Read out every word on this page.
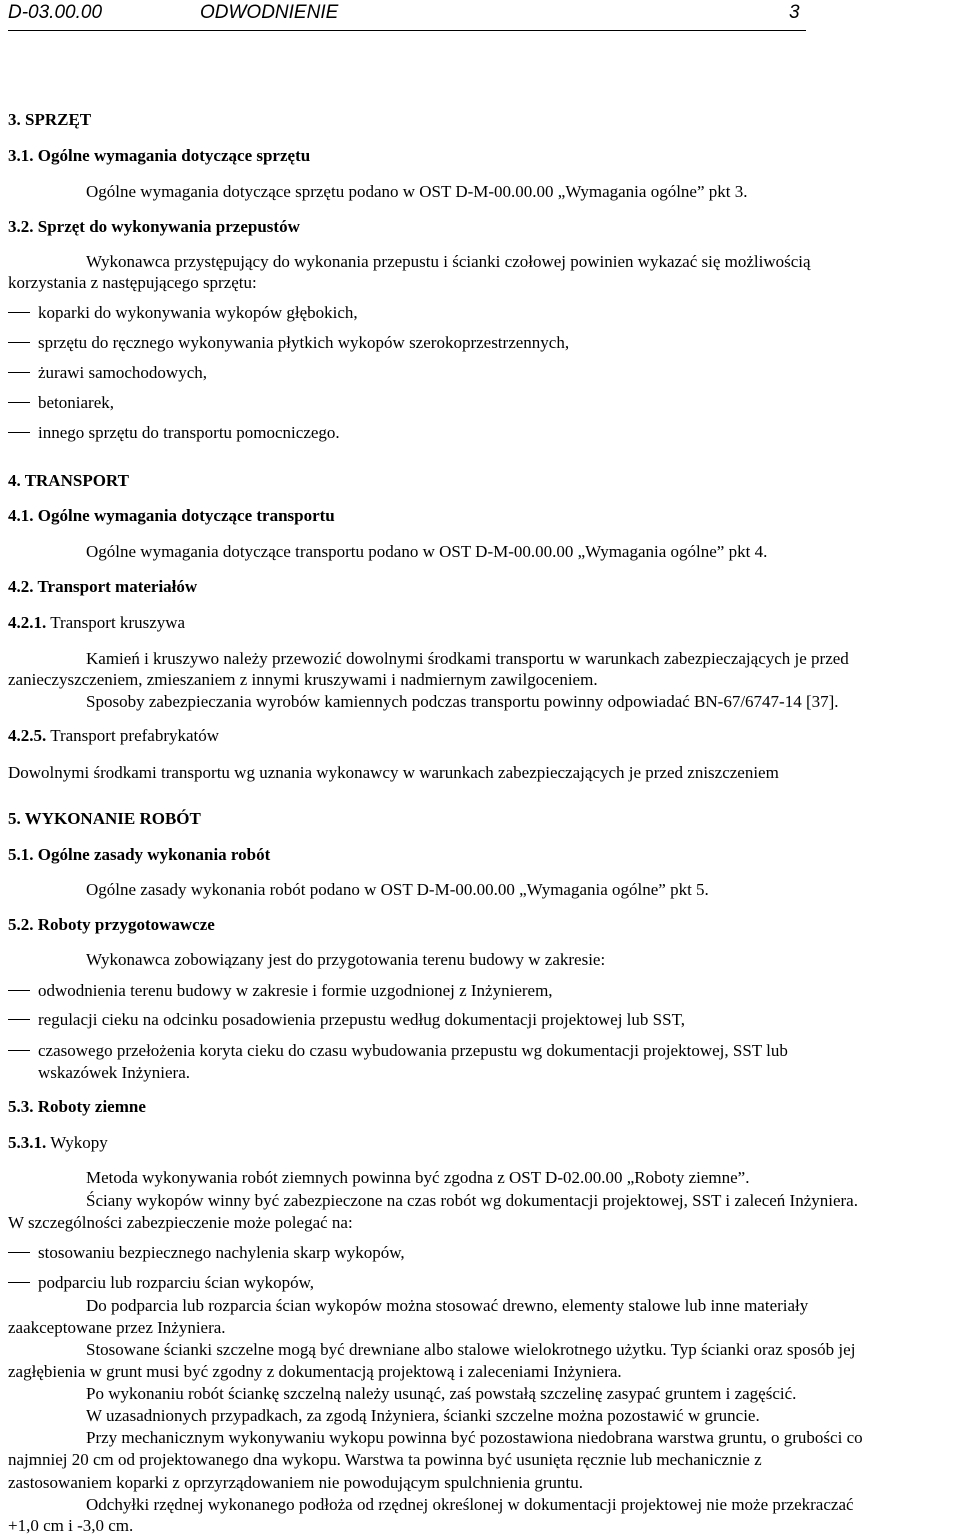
D-03.00.00	ODWODNIENIE	3
3. SPRZĘT
3.1. Ogólne wymagania dotyczące sprzętu
Ogólne wymagania dotyczące sprzętu podano w OST D-M-00.00.00 „Wymagania ogólne” pkt 3.
3.2. Sprzęt do wykonywania przepustów
Wykonawca przystępujący do wykonania przepustu i ścianki czołowej powinien wykazać się możliwością
korzystania z następującego sprzętu:
koparki do wykonywania wykopów głębokich,
sprzętu do ręcznego wykonywania płytkich wykopów szerokoprzestrzennych,
żurawi samochodowych,
betoniarek,
innego sprzętu do transportu pomocniczego.
4. TRANSPORT
4.1. Ogólne wymagania dotyczące transportu
Ogólne wymagania dotyczące transportu podano w OST D-M-00.00.00 „Wymagania ogólne” pkt 4.
4.2. Transport materiałów
4.2.1. Transport kruszywa
Kamień i kruszywo należy przewozić dowolnymi środkami transportu w warunkach zabezpieczających je przed
zanieczyszczeniem, zmieszaniem z innymi kruszywami i nadmiernym zawilgoceniem.
Sposoby zabezpieczania wyrobów kamiennych podczas transportu powinny odpowiadać BN-67/6747-14 [37].
4.2.5. Transport prefabrykatów
Dowolnymi środkami transportu wg uznania wykonawcy w warunkach zabezpieczających je przed zniszczeniem
5. WYKONANIE ROBÓT
5.1. Ogólne zasady wykonania robót
Ogólne zasady wykonania robót podano w OST D-M-00.00.00 „Wymagania ogólne” pkt 5.
5.2. Roboty przygotowawcze
Wykonawca zobowiązany jest do przygotowania terenu budowy w zakresie:
odwodnienia terenu budowy w zakresie i formie uzgodnionej z Inżynierem,
regulacji cieku na odcinku posadowienia przepustu według dokumentacji projektowej lub SST,
czasowego przełożenia koryta cieku do czasu wybudowania przepustu wg dokumentacji projektowej, SST lub
wskazówek Inżyniera.
5.3. Roboty ziemne
5.3.1. Wykopy
Metoda wykonywania robót ziemnych powinna być zgodna z OST D-02.00.00 „Roboty ziemne”.
Ściany wykopów winny być zabezpieczone na czas robót wg dokumentacji projektowej, SST i zaleceń Inżyniera.
W szczególności zabezpieczenie może polegać na:
stosowaniu bezpiecznego nachylenia skarp wykopów,
podparciu lub rozparciu ścian wykopów,
Do podparcia lub rozparcia ścian wykopów można stosować drewno, elementy stalowe lub inne materiały
zaakceptowane przez Inżyniera.
Stosowane ścianki szczelne mogą być drewniane albo stalowe wielokrotnego użytku. Typ ścianki oraz sposób jej
zagłębienia w grunt musi być zgodny z dokumentacją projektową i zaleceniami Inżyniera.
Po wykonaniu robót ściankę szczelną należy usunąć, zaś powstałą szczelinę zasypać gruntem i zagęścić.
W uzasadnionych przypadkach, za zgodą Inżyniera, ścianki szczelne można pozostawić w gruncie.
Przy mechanicznym wykonywaniu wykopu powinna być pozostawiona niedobrana warstwa gruntu, o grubości co
najmniej 20 cm od projektowanego dna wykopu. Warstwa ta powinna być usunięta ręcznie lub mechanicznie z
zastosowaniem koparki z oprzyrządowaniem nie powodującym spulchnienia gruntu.
Odchyłki rzędnej wykonanego podłoża od rzędnej określonej w dokumentacji projektowej nie może przekraczać
+1,0 cm i -3,0 cm.
